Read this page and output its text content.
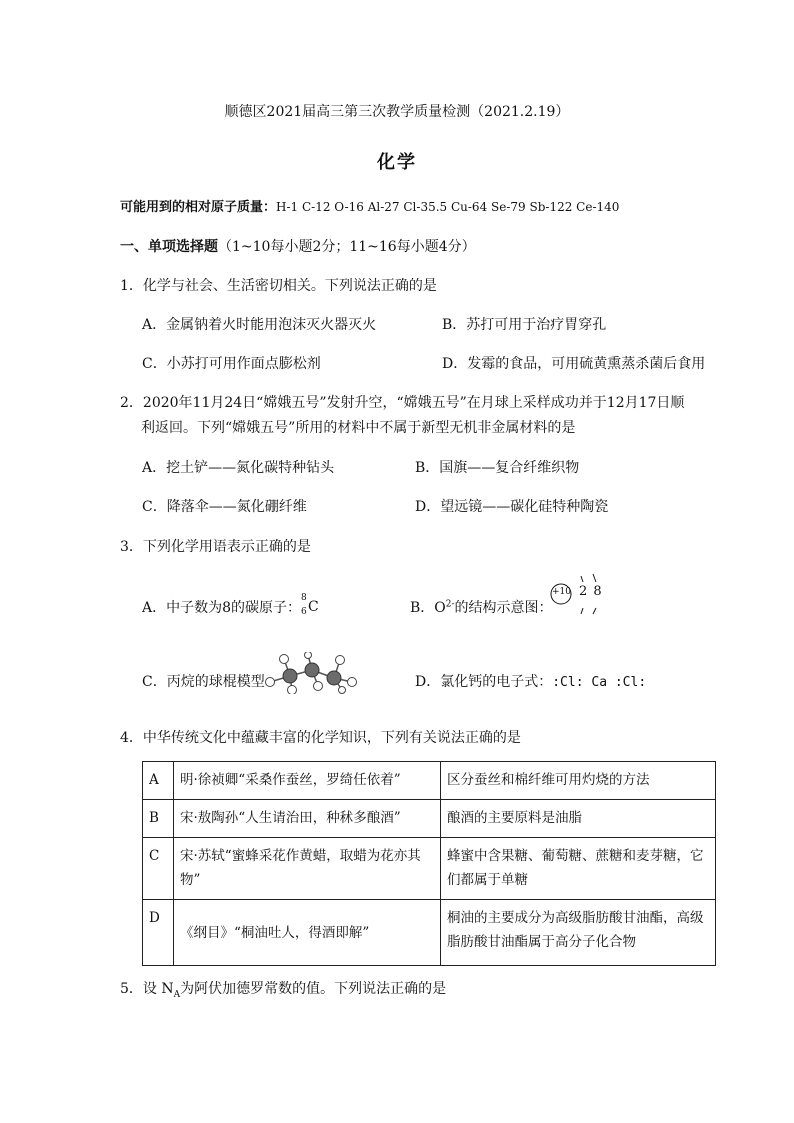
顺德区2021届高三第三次教学质量检测（2021.2.19）
化学
可能用到的相对原子质量：H-1 C-12 O-16 Al-27 Cl-35.5 Cu-64 Se-79 Sb-122 Ce-140
一、单项选择题（1~10每小题2分；11~16每小题4分）
1．化学与社会、生活密切相关。下列说法正确的是
A．金属钠着火时能用泡沫灭火器灭火	B．苏打可用于治疗胃穿孔
C．小苏打可用作面点膨松剂	D．发霉的食品，可用硫黄熏蒸杀菌后食用
2．2020年11月24日“嫦娥五号”发射升空，“嫦娥五号”在月球上采样成功并于12月17日顺
利返回。下列“嫦娥五号”所用的材料中不属于新型无机非金属材料的是
A．挖土铲——氮化碳特种钻头	B．国旗——复合纤维织物
C．降落伞——氮化硼纤维	D．望远镜——碳化硅特种陶瓷
3．下列化学用语表示正确的是
A．中子数为8的碳原子：
8
6 C	B．$O^{2-}$的结构示意图：
+10 2 8
C．丙烷的球棍模型	D．氯化钙的电子式：:Cl: Ca :Cl:
4．中华传统文化中蕴藏丰富的化学知识，下列有关说法正确的是
A	明·徐祯卿“采桑作蚕丝，罗绮任依着”	区分蚕丝和棉纤维可用灼烧的方法
B	宋·敖陶孙“人生请治田，种秫多酿酒”	酿酒的主要原料是油脂
C	宋·苏轼“蜜蜂采花作黄蜡，取蜡为花亦其物”	蜂蜜中含果糖、葡萄糖、蔗糖和麦芽糖，它们都属于单糖
D	《纲目》“桐油吐人，得酒即解”	桐油的主要成分为高级脂肪酸甘油酯，高级脂肪酸甘油酯属于高分子化合物
5．设 $N_A$为阿伏加德罗常数的值。下列说法正确的是
